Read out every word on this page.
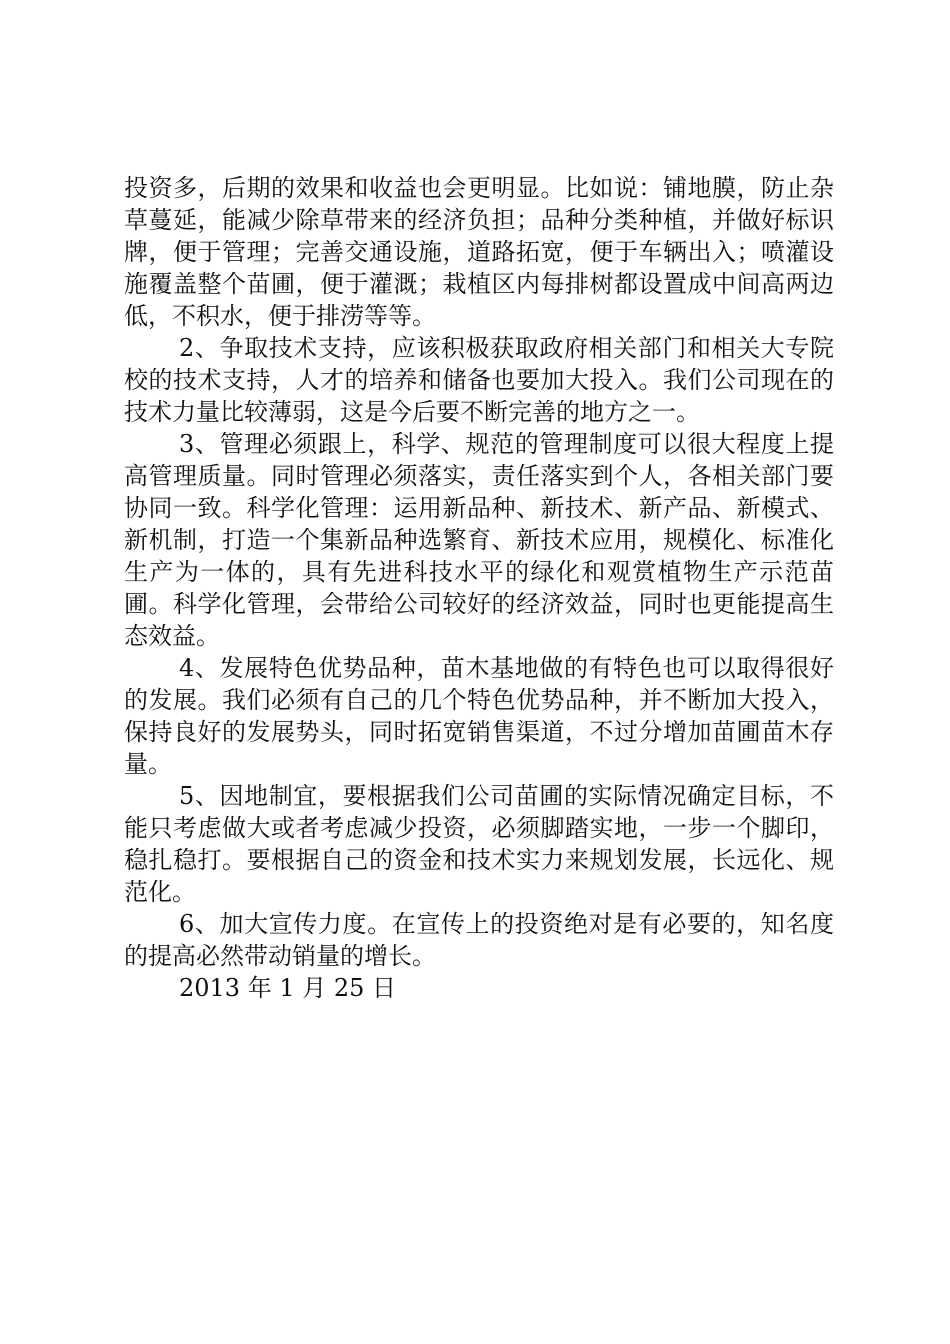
投资多，后期的效果和收益也会更明显。比如说：铺地膜，防止杂草蔓延，能减少除草带来的经济负担；品种分类种植，并做好标识牌，便于管理；完善交通设施，道路拓宽，便于车辆出入；喷灌设施覆盖整个苗圃，便于灌溉；栽植区内每排树都设置成中间高两边低，不积水，便于排涝等等。

2、争取技术支持，应该积极获取政府相关部门和相关大专院校的技术支持，人才的培养和储备也要加大投入。我们公司现在的技术力量比较薄弱，这是今后要不断完善的地方之一。

3、管理必须跟上，科学、规范的管理制度可以很大程度上提高管理质量。同时管理必须落实，责任落实到个人，各相关部门要协同一致。科学化管理：运用新品种、新技术、新产品、新模式、新机制，打造一个集新品种选繁育、新技术应用，规模化、标准化生产为一体的，具有先进科技水平的绿化和观赏植物生产示范苗圃。科学化管理，会带给公司较好的经济效益，同时也更能提高生态效益。

4、发展特色优势品种，苗木基地做的有特色也可以取得很好的发展。我们必须有自己的几个特色优势品种，并不断加大投入，保持良好的发展势头，同时拓宽销售渠道，不过分增加苗圃苗木存量。

5、因地制宜，要根据我们公司苗圃的实际情况确定目标，不能只考虑做大或者考虑减少投资，必须脚踏实地，一步一个脚印，稳扎稳打。要根据自己的资金和技术实力来规划发展，长远化、规范化。

6、加大宣传力度。在宣传上的投资绝对是有必要的，知名度的提高必然带动销量的增长。

2013 年 1 月 25 日
